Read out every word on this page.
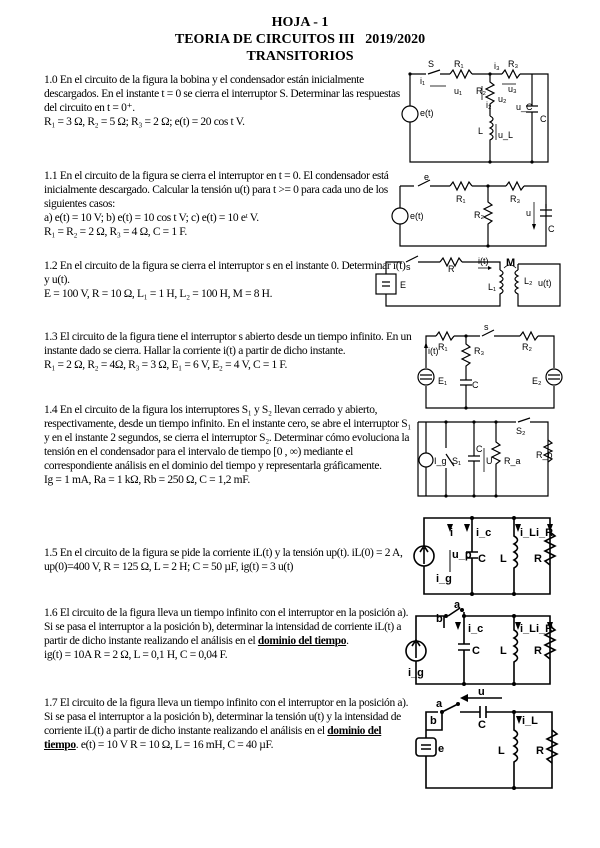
HOJA - 1
TEORIA DE CIRCUITOS III   2019/2020
TRANSITORIOS

1.0 En el circuito de la figura la bobina y el condensador están inicialmente descargados. En el instante t = 0 se cierra el interruptor S. Determinar las respuestas del circuito en t = 0⁺.

R₁ = 3 Ω, R₂ = 5 Ω; R₃ = 2 Ω; e(t) = 20 cos t V.

1.1 En el circuito de la figura se cierra el interruptor en t = 0. El condensador está inicialmente descargado. Calcular la tensión u(t) para t >= 0 para cada uno de los siguientes casos:

a) e(t) = 10 V; b) e(t) = 10 cos t V; c) e(t) = 10 eᵗ V.

R₁ = R₂ = 2 Ω, R₃ = 4 Ω, C = 1 F.

1.2 En el circuito de la figura se cierra el interruptor s en el instante 0. Determinar i(t) y u(t).

E = 100 V, R = 10 Ω, L₁ = 1 H, L₂ = 100 H, M = 8 H.

1.3 El circuito de la figura tiene el interruptor s abierto desde un tiempo infinito. En un instante dado se cierra. Hallar la corriente i(t) a partir de dicho instante.

R₁ = 2 Ω, R₂ = 4Ω, R₃ = 3 Ω, E₁ = 6 V, E₂ = 4 V, C = 1 F.

1.4 En el circuito de la figura los interruptores S₁ y S₂ llevan cerrado y abierto, respectivamente, desde un tiempo infinito. En el instante cero, se abre el interruptor S₁ y en el instante 2 segundos, se cierra el interruptor S₂. Determinar cómo evoluciona la tensión en el condensador para el intervalo de tiempo [0 , ∞) mediante el correspondiente análisis en el dominio del tiempo y representarla gráficamente.

Ig = 1 mA, Ra = 1 kΩ, Rb = 250 Ω, C = 1,2 mF.

1.5 En el circuito de la figura se pide la corriente iL(t) y la tensión up(t). iL(0) = 2 A, up(0)=400 V, R = 125 Ω, L = 2 H; C = 50 µF, ig(t) = 3 u(t)

1.6 El circuito de la figura lleva un tiempo infinito con el interruptor en la posición a). Si se pasa el interruptor a la posición b), determinar la intensidad de corriente iL(t) a partir de dicho instante realizando el análisis en el dominio del tiempo.

ig(t) = 10A R = 2 Ω, L = 0,1 H, C = 0,04 F.

1.7 El circuito de la figura lleva un tiempo infinito con el interruptor en la posición a). Si se pasa el interruptor a la posición b), determinar la tensión u(t) y la intensidad de corriente iL(t) a partir de dicho instante realizando el análisis en el dominio del tiempo. e(t) = 10 V R = 10 Ω, L = 16 mH, C = 40 µF.

S R₁
i₁
u₁
i₃ R₃
u₃
R₂
i₂
u₂
L u_L
u_C
C
e(t)
e
R₁
R₂
R₃
u
C
e(t)
s	R
i(t) M
L₁
L₂ u(t)
E
R₁
s
R₂
R₃
i(t)
E₁	C	E₂
S₂
I_g S₁
C
U R_a
R_b
i i_c	i_L i_R
u_p C L R
i_g
a
b
i_c	i_L i_R
C L R
i_g
u
a
b	C	i_L
L	R
e
